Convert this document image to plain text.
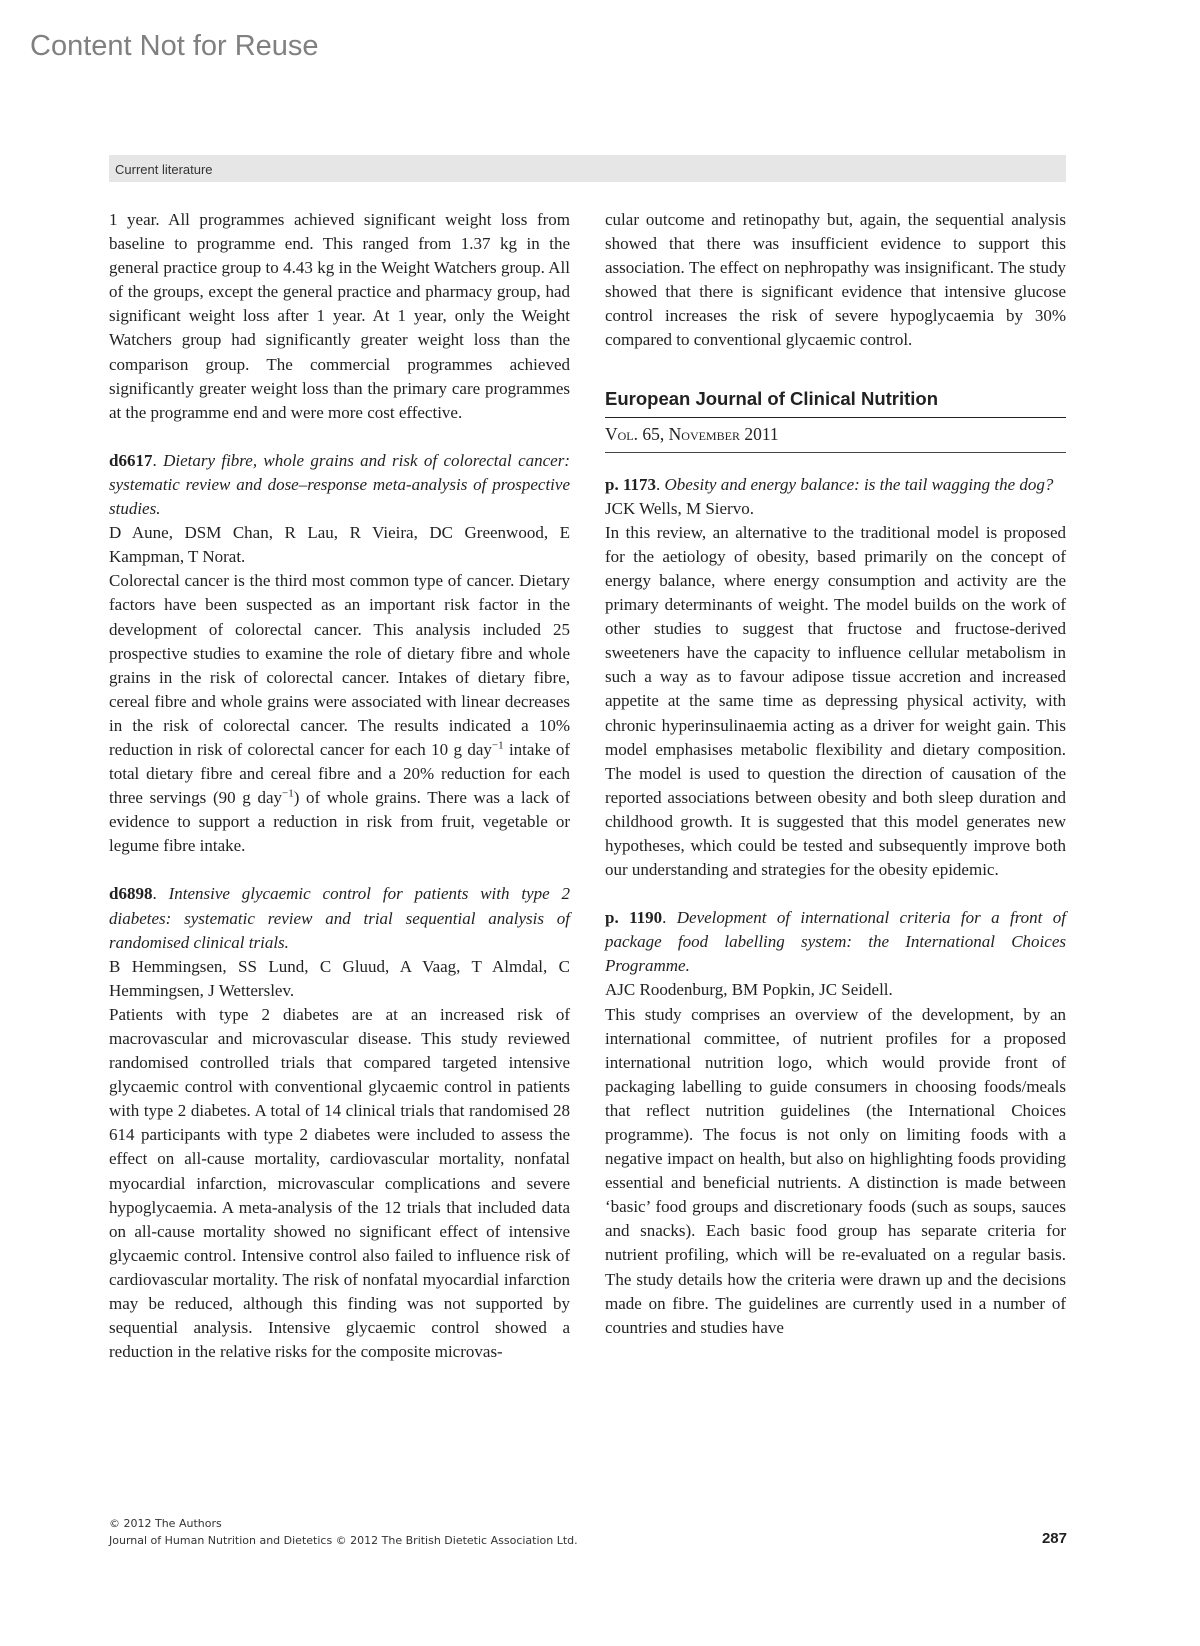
Content Not for Reuse
Current literature

1 year. All programmes achieved significant weight loss from baseline to programme end. This ranged from 1.37 kg in the general practice group to 4.43 kg in the Weight Watchers group. All of the groups, except the general practice and pharmacy group, had significant weight loss after 1 year. At 1 year, only the Weight Watchers group had significantly greater weight loss than the comparison group. The commercial programmes achieved significantly greater weight loss than the primary care programmes at the programme end and were more cost effective.

d6617. Dietary fibre, whole grains and risk of colorectal cancer: systematic review and dose–response meta-analysis of prospective studies.

D Aune, DSM Chan, R Lau, R Vieira, DC Greenwood, E Kampman, T Norat.

Colorectal cancer is the third most common type of cancer. Dietary factors have been suspected as an important risk factor in the development of colorectal cancer. This analysis included 25 prospective studies to examine the role of dietary fibre and whole grains in the risk of colorectal cancer. Intakes of dietary fibre, cereal fibre and whole grains were associated with linear decreases in the risk of colorectal cancer. The results indicated a 10% reduction in risk of colorectal cancer for each 10 g day$^{-1}$ intake of total dietary fibre and cereal fibre and a 20% reduction for each three servings (90 g day$^{-1}$) of whole grains. There was a lack of evidence to support a reduction in risk from fruit, vegetable or legume fibre intake.

d6898. Intensive glycaemic control for patients with type 2 diabetes: systematic review and trial sequential analysis of randomised clinical trials.

B Hemmingsen, SS Lund, C Gluud, A Vaag, T Almdal, C Hemmingsen, J Wetterslev.

Patients with type 2 diabetes are at an increased risk of macrovascular and microvascular disease. This study reviewed randomised controlled trials that compared targeted intensive glycaemic control with conventional glycaemic control in patients with type 2 diabetes. A total of 14 clinical trials that randomised 28 614 participants with type 2 diabetes were included to assess the effect on all-cause mortality, cardiovascular mortality, nonfatal myocardial infarction, microvascular complications and severe hypoglycaemia. A meta-analysis of the 12 trials that included data on all-cause mortality showed no significant effect of intensive glycaemic control. Intensive control also failed to influence risk of cardiovascular mortality. The risk of nonfatal myocardial infarction may be reduced, although this finding was not supported by sequential analysis. Intensive glycaemic control showed a reduction in the relative risks for the composite microvas-

cular outcome and retinopathy but, again, the sequential analysis showed that there was insufficient evidence to support this association. The effect on nephropathy was insignificant. The study showed that there is significant evidence that intensive glucose control increases the risk of severe hypoglycaemia by 30% compared to conventional glycaemic control.

European Journal of Clinical Nutrition
Vol. 65, November 2011

p. 1173. Obesity and energy balance: is the tail wagging the dog?

JCK Wells, M Siervo.

In this review, an alternative to the traditional model is proposed for the aetiology of obesity, based primarily on the concept of energy balance, where energy consumption and activity are the primary determinants of weight. The model builds on the work of other studies to suggest that fructose and fructose-derived sweeteners have the capacity to influence cellular metabolism in such a way as to favour adipose tissue accretion and increased appetite at the same time as depressing physical activity, with chronic hyperinsulinaemia acting as a driver for weight gain. This model emphasises metabolic flexibility and dietary composition. The model is used to question the direction of causation of the reported associations between obesity and both sleep duration and childhood growth. It is suggested that this model generates new hypotheses, which could be tested and subsequently improve both our understanding and strategies for the obesity epidemic.

p. 1190. Development of international criteria for a front of package food labelling system: the International Choices Programme.

AJC Roodenburg, BM Popkin, JC Seidell.

This study comprises an overview of the development, by an international committee, of nutrient profiles for a proposed international nutrition logo, which would provide front of packaging labelling to guide consumers in choosing foods/meals that reflect nutrition guidelines (the International Choices programme). The focus is not only on limiting foods with a negative impact on health, but also on highlighting foods providing essential and beneficial nutrients. A distinction is made between ‘basic’ food groups and discretionary foods (such as soups, sauces and snacks). Each basic food group has separate criteria for nutrient profiling, which will be re-evaluated on a regular basis. The study details how the criteria were drawn up and the decisions made on fibre. The guidelines are currently used in a number of countries and studies have

© 2012 The Authors
Journal of Human Nutrition and Dietetics © 2012 The British Dietetic Association Ltd.	287
